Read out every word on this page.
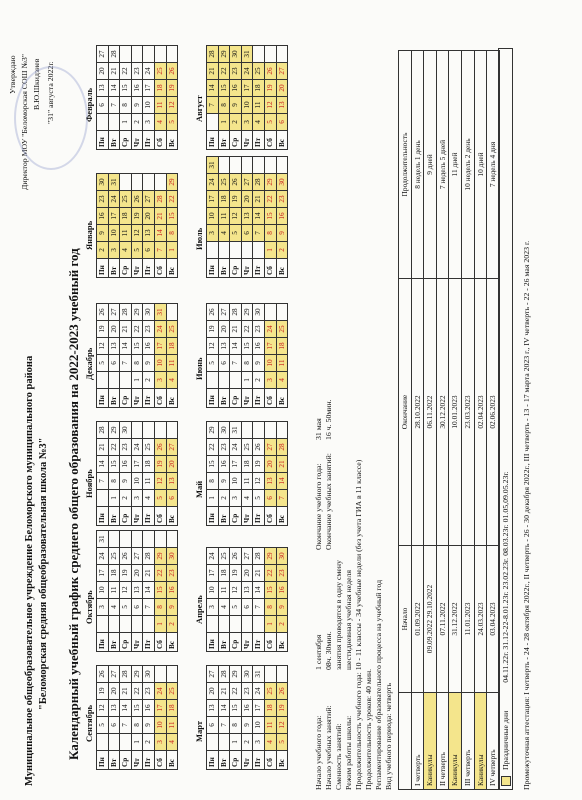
Утверждаю Директор МОУ "Беломорская СОШ №3" В.Ю.Шкидзиев "31" августа 2022г.
Муниципальное общеобразовательное учреждение Беломорского муниципального района "Беломорская средняя общеобразовательная школа №3" Календарный учебный график среднего общего образования на 2022-2023 учебный год Сентябрь
Пн		5	12	19	26
Вт		6	13	20	27
Ср		7	14	21	28
Чт	1	8	15	22	29
Пт	2	9	16	23	30
Сб	3	10	17	24	
Вс	4	11	18	25	
Октябрь
Пн		3	10	17	24	31
Вт		4	11	18	25	
Ср		5	12	19	26	
Чт		6	13	20	27	
Пт		7	14	21	28	
Сб	1	8	15	22	29	
Вс	2	9	16	23	30	
Ноябрь
Пн		7	14	21	28
Вт	1	8	15	22	29
Ср	2	9	16	23	30
Чт	3	10	17	24	
Пт	4	11	18	25	
Сб	5	12	19	26	
Вс	6	13	20	27	
Декабрь
Пн		5	12	19	26
Вт		6	13	20	27
Ср		7	14	21	28
Чт	1	8	15	22	29
Пт	2	9	16	23	30
Сб	3	10	17	24	31
Вс	4	11	18	25	
Январь
Пн	2	9	16	23	30
Вт	3	10	17	24	31
Ср	4	11	18	25	
Чт	5	12	19	26	
Пт	6	13	20	27	
Сб	7	14	21	28	
Вс	1	8	15	22	29
Февраль
Пн		6	13	20	27
Вт		7	14	21	28
Ср	1	8	15	22	
Чт	2	9	16	23	
Пт	3	10	17	24	
Сб	4	11	18	25	
Вс	5	12	19	26	
Март
Пн		6	13	20	27
Вт		7	14	21	28
Ср	1	8	15	22	29
Чт	2	9	16	23	30
Пт	3	10	17	24	31
Сб	4	11	18	25	
Вс	5	12	19	26	
Апрель
Пн		3	10	17	24
Вт		4	11	18	25
Ср		5	12	19	26
Чт		6	13	20	27
Пт		7	14	21	28
Сб	1	8	15	22	29
Вс	2	9	16	23	30
Май
Пн	1	8	15	22	29
Вт	2	9	16	23	30
Ср	3	10	17	24	31
Чт	4	11	18	25	
Пт	5	12	19	26	
Сб	6	13	20	27	
Вс	7	14	21	28	
Июнь
Пн		5	12	19	26
Вт		6	13	20	27
Ср		7	14	21	28
Чт	1	8	15	22	29
Пт	2	9	16	23	30
Сб	3	10	17	24	
Вс	4	11	18	25	
Июль
Пн		3	10	17	24	31
Вт		4	11	18	25	
Ср		5	12	19	26	
Чт		6	13	20	27	
Пт		7	14	21	28	
Сб	1	8	15	22	29	
Вс	2	9	16	23	30	
Август
Пн		7	14	21	28
Вт	1	8	15	22	29
Ср	2	9	16	23	30
Чт	3	10	17	24	31
Пт	4	11	18	25	
Сб	5	12	19	26	
Вс	6	13	20	27	
Начало учебного года:
1 сентября
Окончание учебного года:
31 мая
Начало учебных занятий:
08ч. 30мин.
Окончание учебных занятий:
16 ч. 50мин.
Сменность занятий:
занятия проводятся в одну смену
Режим работы школы:
шестидневная учебная неделя Продолжительность учебного года: 10 - 11 классы - 34 учебные недели (без учета ГИА в 11 классе) Продолжительность уроков: 40 мин. Регламентирование образовательного процесса на учебный год Вид учебного периода: четверть
	Начало	Окончание	Продолжительность
I четверть	01.09.2022	28.10.2022	8 недель 1 день
Каникулы	09.09.2022 29.10.2022	06.11.2022	9 дней
II четверть	07.11.2022	30.12.2022	7 недель 5 дней
Каникулы	31.12.2022	10.01.2023	11 дней
III четверть	11.01.2023	23.03.2023	10 недель 2 день
Каникулы	24.03.2023	02.04.2023	10 дней
IV четверть	03.04.2023	02.06.2023	7 недель 4 дня
Праздничные дни 04.11.22г. 31.12-22-8.01.23г. 23.02.23г. 08.03.23г. 01.05,09.05.23г.	Промежуточная аттестация: I четверть - 24 - 28 октября 2022г., II четверть - 26 - 30 декабря 2022г., III четверть - 13 - 17 марта 2023 г., IV четверть - 22 - 26 мая 2023 г.
